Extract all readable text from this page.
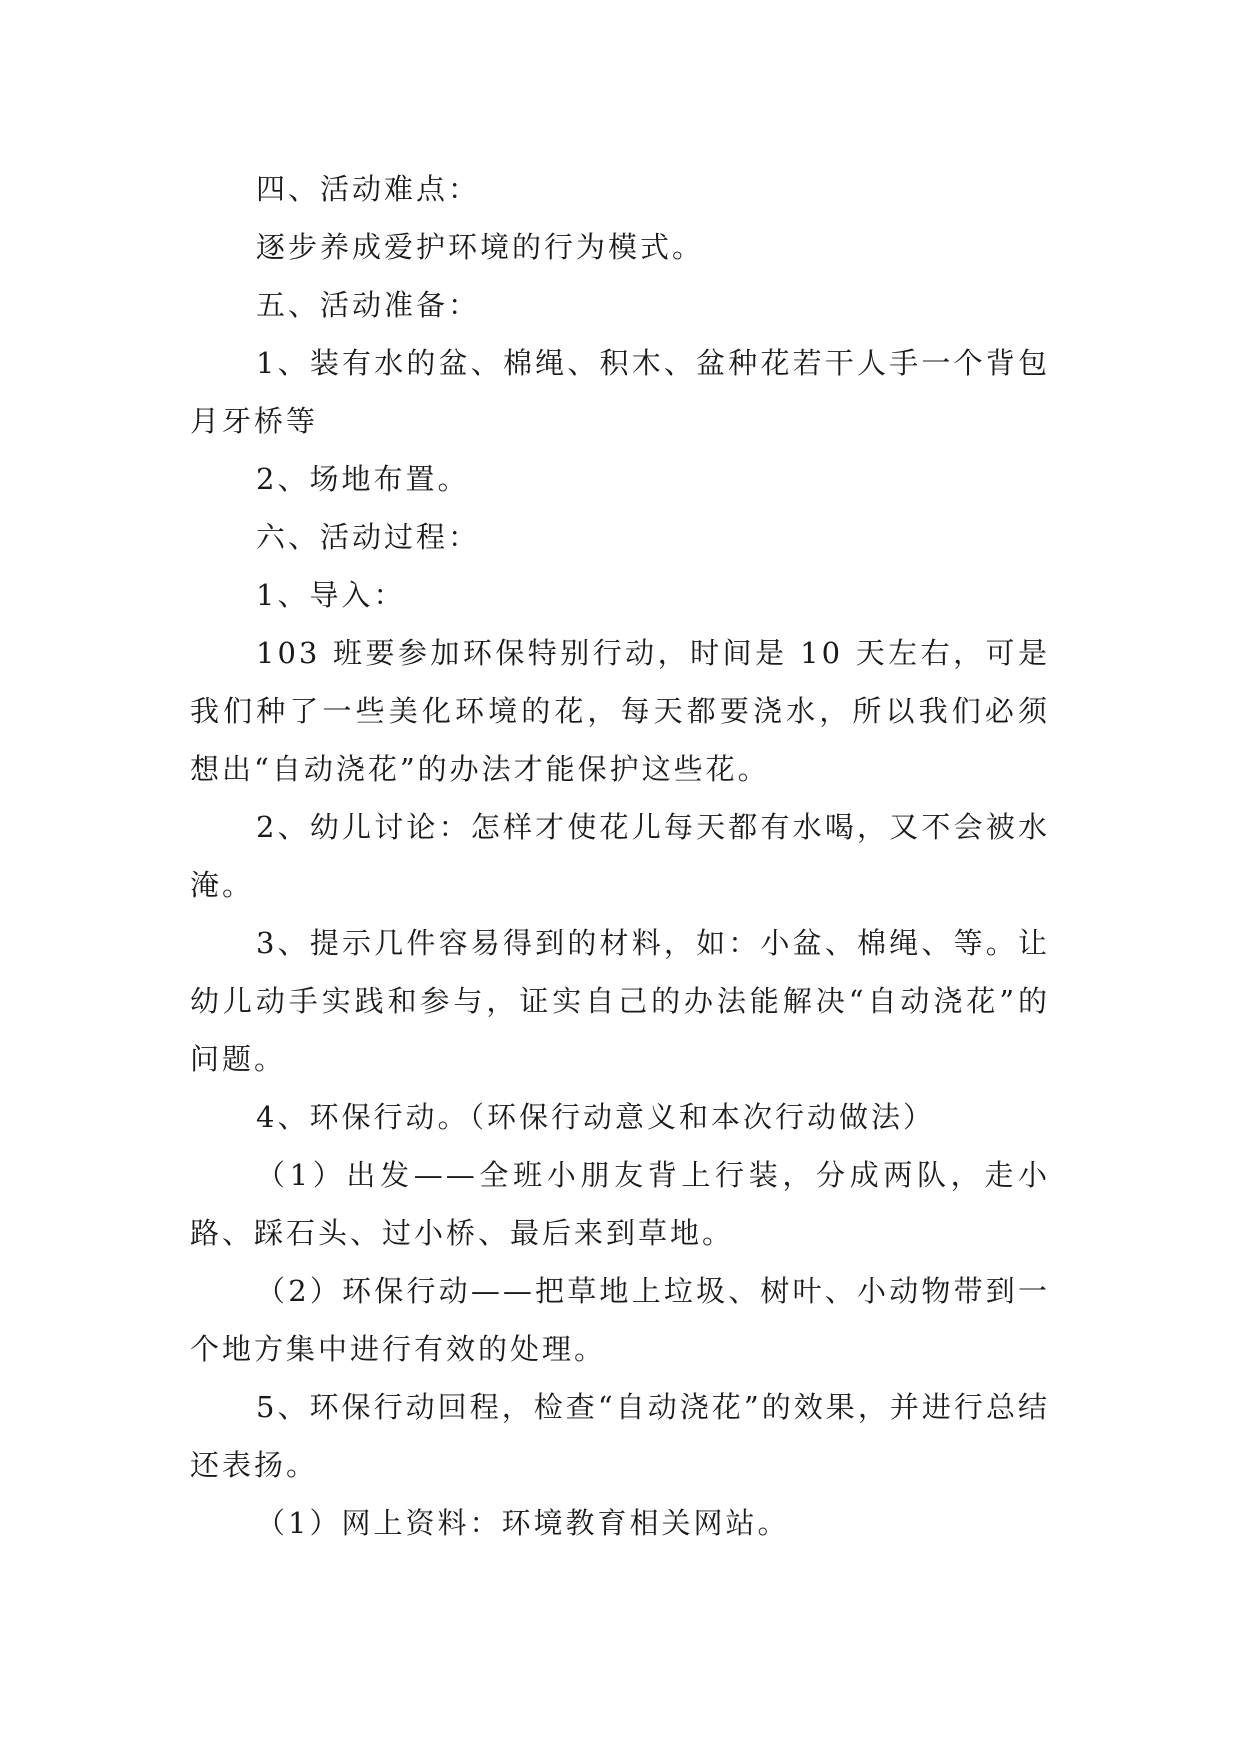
四、活动难点：

逐步养成爱护环境的行为模式。

五、活动准备：

1、装有水的盆、棉绳、积木、盆种花若干人手一个背包月牙桥等

2、场地布置。

六、活动过程：

1、导入：

103 班要参加环保特别行动，时间是 10 天左右，可是我们种了一些美化环境的花，每天都要浇水，所以我们必须想出“自动浇花”的办法才能保护这些花。

2、幼儿讨论：怎样才使花儿每天都有水喝，又不会被水淹。

3、提示几件容易得到的材料，如：小盆、棉绳、等。让幼儿动手实践和参与，证实自己的办法能解决“自动浇花”的问题。

4、环保行动。（环保行动意义和本次行动做法）

（1）出发——全班小朋友背上行装，分成两队，走小路、踩石头、过小桥、最后来到草地。

（2）环保行动——把草地上垃圾、树叶、小动物带到一个地方集中进行有效的处理。

5、环保行动回程，检查“自动浇花”的效果，并进行总结还表扬。

（1）网上资料：环境教育相关网站。
